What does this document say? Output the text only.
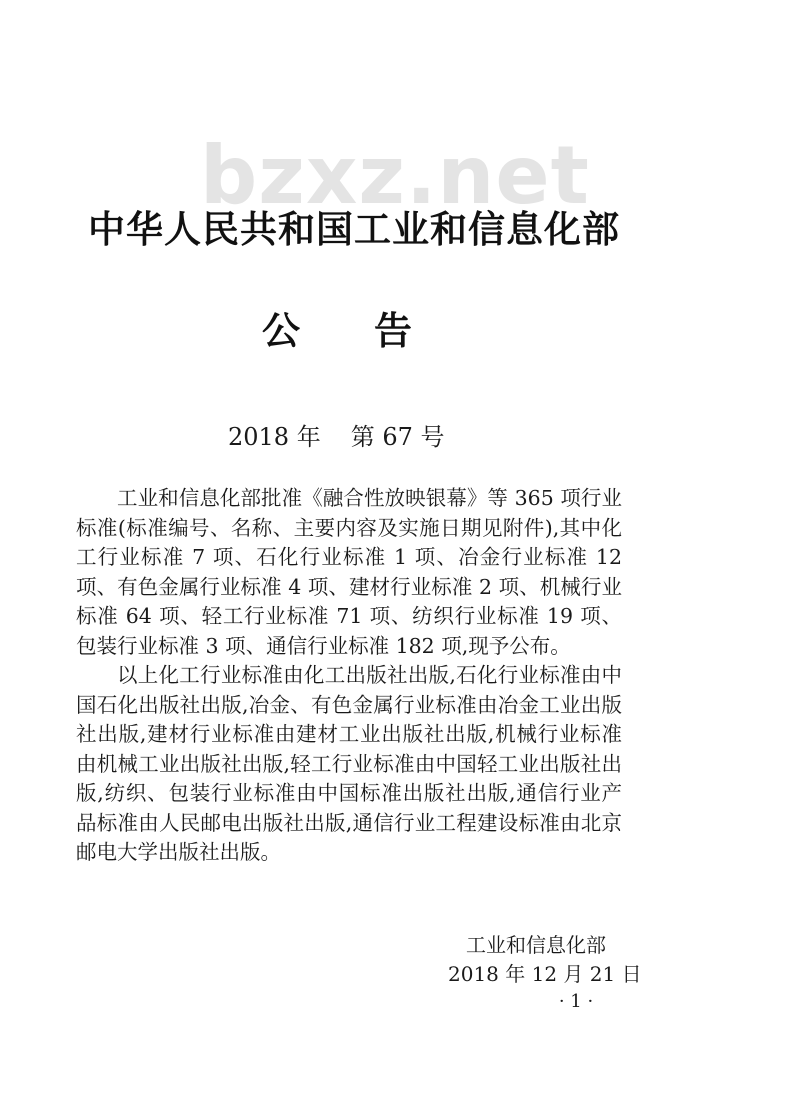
bzxz.net
中华人民共和国工业和信息化部
公 告
2018 年 第 67 号

工业和信息化部批准《融合性放映银幕》等 365 项行业标准(标准编号、名称、主要内容及实施日期见附件),其中化工行业标准 7 项、石化行业标准 1 项、冶金行业标准 12 项、有色金属行业标准 4 项、建材行业标准 2 项、机械行业标准 64 项、轻工行业标准 71 项、纺织行业标准 19 项、包装行业标准 3 项、通信行业标准 182 项,现予公布。

以上化工行业标准由化工出版社出版,石化行业标准由中国石化出版社出版,冶金、有色金属行业标准由冶金工业出版社出版,建材行业标准由建材工业出版社出版,机械行业标准由机械工业出版社出版,轻工行业标准由中国轻工业出版社出版,纺织、包装行业标准由中国标准出版社出版,通信行业产品标准由人民邮电出版社出版,通信行业工程建设标准由北京邮电大学出版社出版。

工业和信息化部
2018 年 12 月 21 日
· 1 ·
